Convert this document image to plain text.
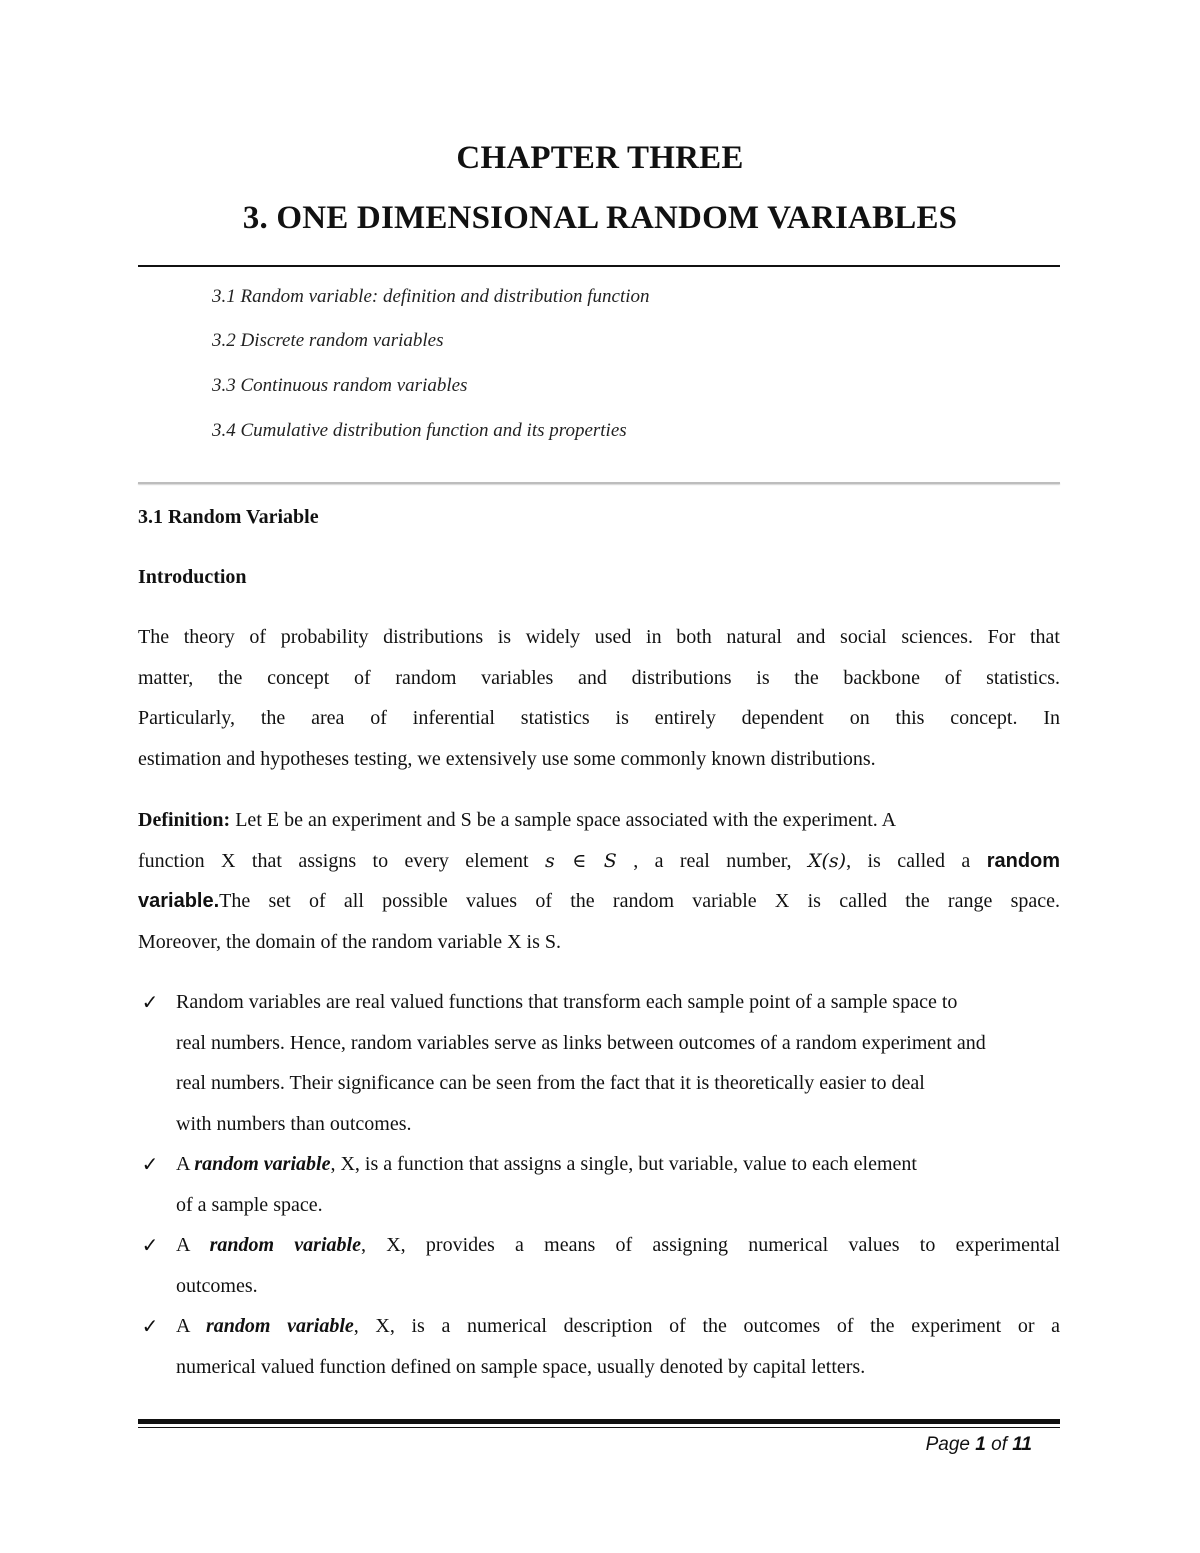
CHAPTER THREE
3. ONE DIMENSIONAL RANDOM VARIABLES
3.1 Random variable: definition and distribution function
3.2 Discrete random variables
3.3 Continuous random variables
3.4 Cumulative distribution function and its properties
3.1 Random Variable
Introduction
The theory of probability distributions is widely used in both natural and social sciences. For that
matter, the concept of random variables and distributions is the backbone of statistics.
Particularly, the area of inferential statistics is entirely dependent on this concept. In
estimation and hypotheses testing, we extensively use some commonly known distributions.
Definition: Let E be an experiment and S be a sample space associated with the experiment. A
function X that assigns to every element s ∈ S , a real number, X(s), is called a random
variable.The set of all possible values of the random variable X is called the range space.
Moreover, the domain of the random variable X is S.
✓ Random variables are real valued functions that transform each sample point of a sample space to
real numbers. Hence, random variables serve as links between outcomes of a random experiment and
real numbers. Their significance can be seen from the fact that it is theoretically easier to deal
with numbers than outcomes.
✓ A random variable, X, is a function that assigns a single, but variable, value to each element
of a sample space.
✓ A random variable, X, provides a means of assigning numerical values to experimental
outcomes.
✓ A random variable, X, is a numerical description of the outcomes of the experiment or a
numerical valued function defined on sample space, usually denoted by capital letters.
Page 1 of 11
